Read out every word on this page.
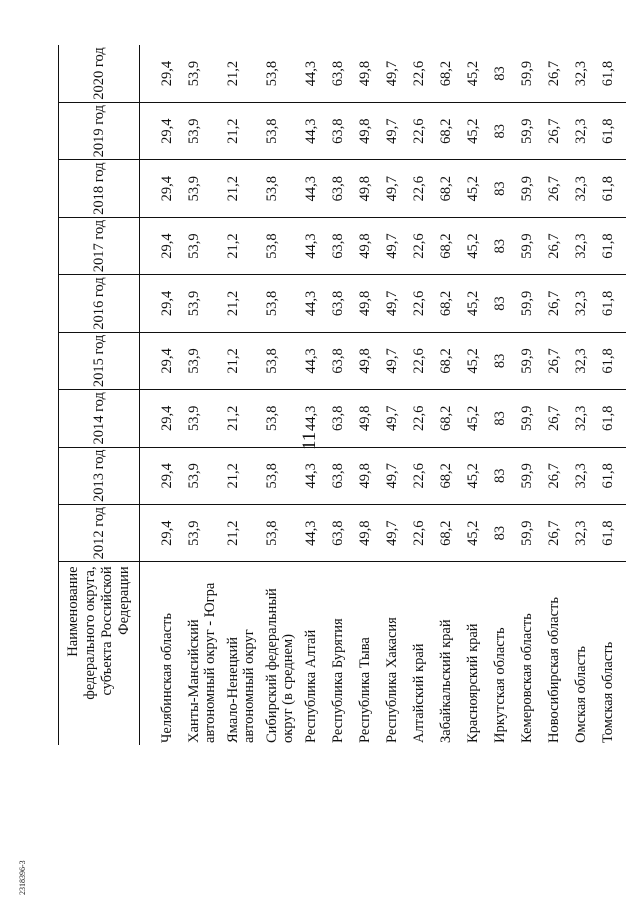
11
2318396-3
Наименование федерального округа, субъекта Российской Федерации	2012 год	2013 год	2014 год	2015 год	2016 год	2017 год	2018 год	2019 год	2020 год

Челябинская область	29,4	29,4	29,4	29,4	29,4	29,4	29,4	29,4	29,4
Ханты-Мансийский автономный округ - Югра	53,9	53,9	53,9	53,9	53,9	53,9	53,9	53,9	53,9
Ямало-Ненецкий автономный округ	21,2	21,2	21,2	21,2	21,2	21,2	21,2	21,2	21,2
Сибирский федеральный округ (в среднем)	53,8	53,8	53,8	53,8	53,8	53,8	53,8	53,8	53,8
Республика Алтай	44,3	44,3	44,3	44,3	44,3	44,3	44,3	44,3	44,3
Республика Бурятия	63,8	63,8	63,8	63,8	63,8	63,8	63,8	63,8	63,8
Республика Тыва	49,8	49,8	49,8	49,8	49,8	49,8	49,8	49,8	49,8
Республика Хакасия	49,7	49,7	49,7	49,7	49,7	49,7	49,7	49,7	49,7
Алтайский край	22,6	22,6	22,6	22,6	22,6	22,6	22,6	22,6	22,6
Забайкальский край	68,2	68,2	68,2	68,2	68,2	68,2	68,2	68,2	68,2
Красноярский край	45,2	45,2	45,2	45,2	45,2	45,2	45,2	45,2	45,2
Иркутская область	83	83	83	83	83	83	83	83	83
Кемеровская область	59,9	59,9	59,9	59,9	59,9	59,9	59,9	59,9	59,9
Новосибирская область	26,7	26,7	26,7	26,7	26,7	26,7	26,7	26,7	26,7
Омская область	32,3	32,3	32,3	32,3	32,3	32,3	32,3	32,3	32,3
Томская область	61,8	61,8	61,8	61,8	61,8	61,8	61,8	61,8	61,8
